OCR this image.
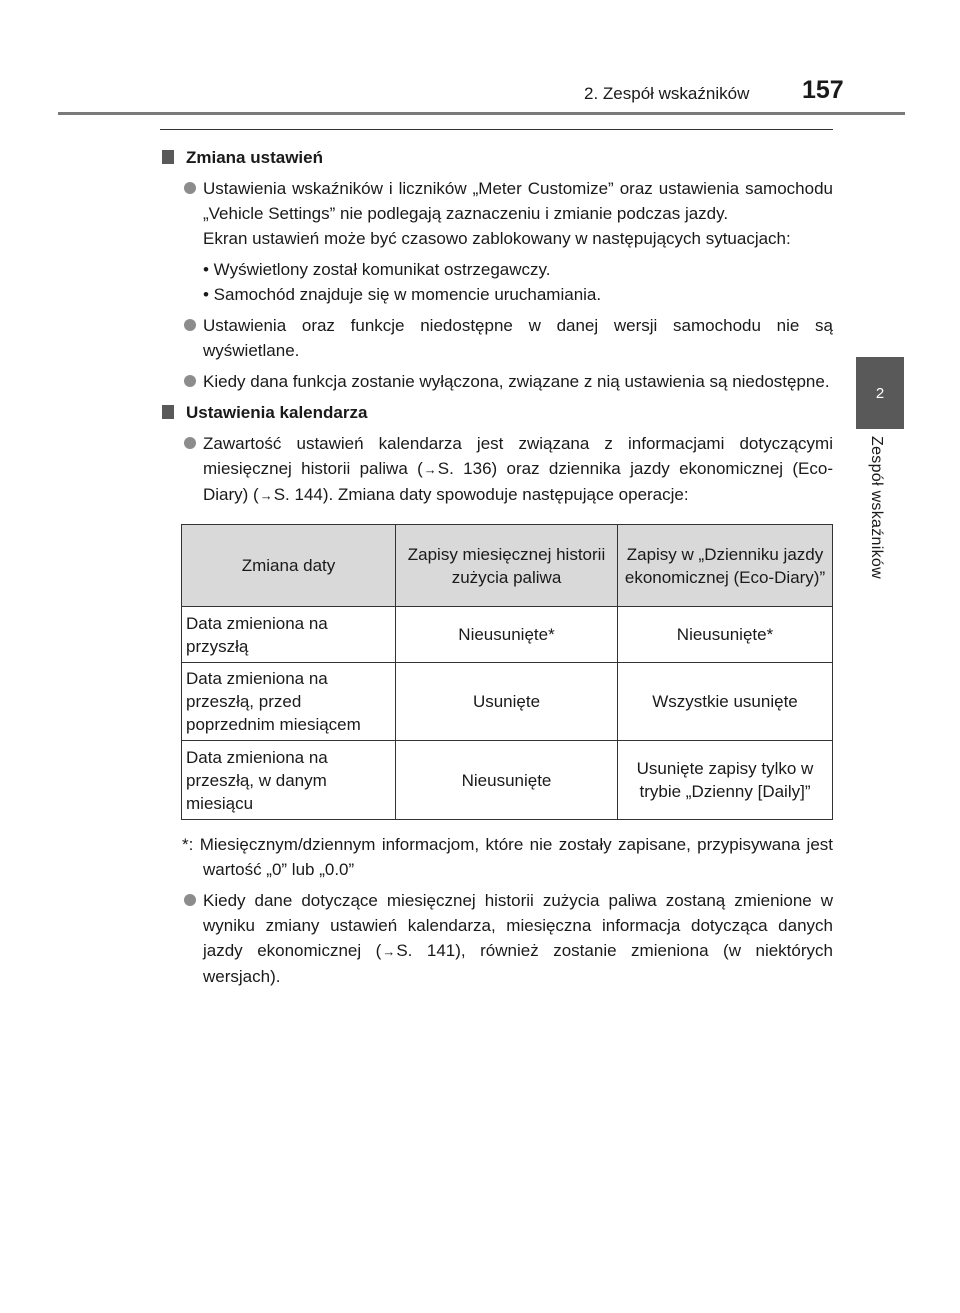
2. Zespół wskaźników 157
2
Zespół wskaźników
Zmiana ustawień
Ustawienia wskaźników i liczników „Meter Customize” oraz ustawienia samochodu „Vehicle Settings” nie podlegają zaznaczeniu i zmianie podczas jazdy.
Ekran ustawień może być czasowo zablokowany w następujących sytuacjach:
• Wyświetlony został komunikat ostrzegawczy.
• Samochód znajduje się w momencie uruchamiania.
Ustawienia oraz funkcje niedostępne w danej wersji samochodu nie są wyświetlane.
Kiedy dana funkcja zostanie wyłączona, związane z nią ustawienia są niedostępne.
Ustawienia kalendarza
Zawartość ustawień kalendarza jest związana z informacjami dotyczącymi miesięcznej historii paliwa (→S. 136) oraz dziennika jazdy ekonomicznej (Eco-Diary) (→S. 144). Zmiana daty spowoduje następujące operacje:
Zmiana daty	Zapisy miesięcznej historii zużycia paliwa	Zapisy w „Dzienniku jazdy ekonomicznej (Eco-Diary)”
Data zmieniona na przyszłą	Nieusunięte*	Nieusunięte*
Data zmieniona na przeszłą, przed poprzednim miesiącem	Usunięte	Wszystkie usunięte
Data zmieniona na przeszłą, w danym miesiącu	Nieusunięte	Usunięte zapisy tylko w trybie „Dzienny [Daily]”
*: Miesięcznym/dziennym informacjom, które nie zostały zapisane, przypisywana jest wartość „0” lub „0.0”
Kiedy dane dotyczące miesięcznej historii zużycia paliwa zostaną zmienione w wyniku zmiany ustawień kalendarza, miesięczna informacja dotycząca danych jazdy ekonomicznej (→S. 141), również zostanie zmieniona (w niektórych wersjach).
